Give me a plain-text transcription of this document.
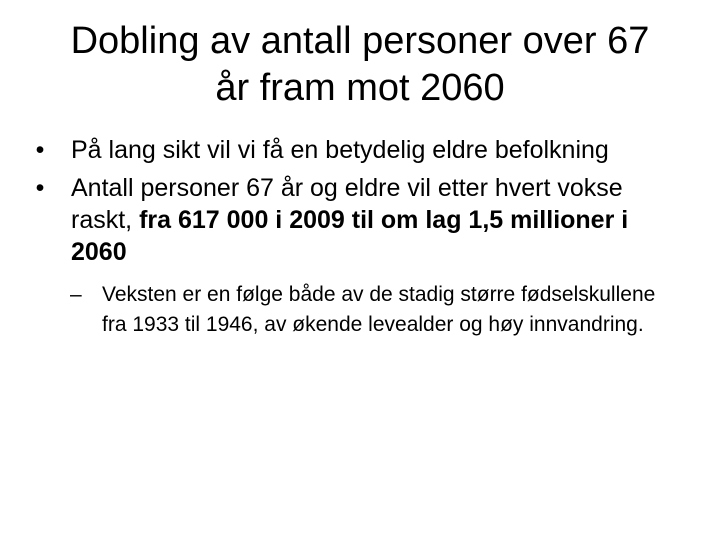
Dobling av antall personer over 67
år fram mot 2060
• På lang sikt vil vi få en betydelig eldre befolkning
• Antall personer 67 år og eldre vil etter hvert vokse raskt, fra 617 000 i 2009 til om lag 1,5 millioner i 2060
– Veksten er en følge både av de stadig større fødselskullene fra 1933 til 1946, av økende levealder og høy innvandring.
